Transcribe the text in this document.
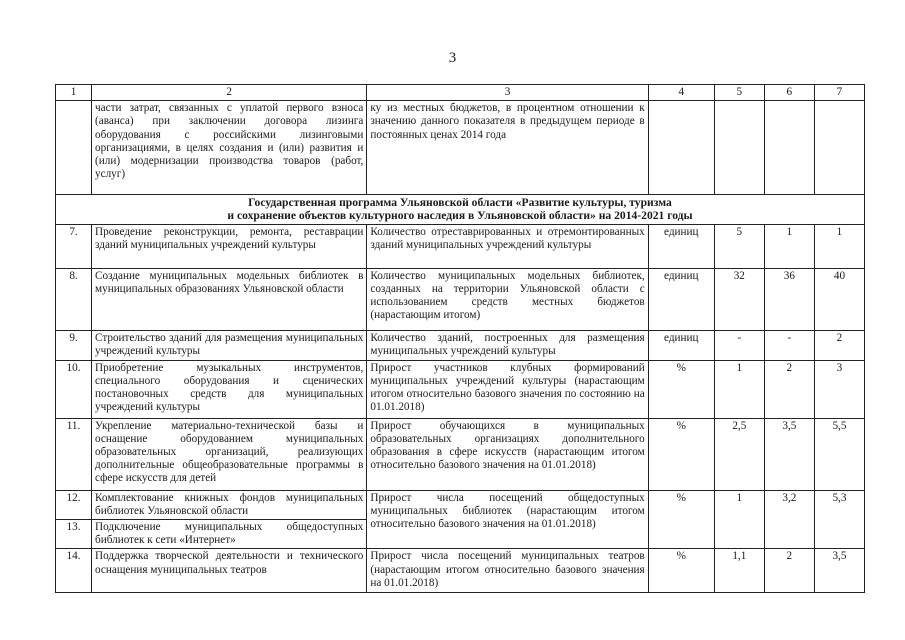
3
1	2	3	4	5	6	7
	части затрат, связанных с уплатой первого взноса (аванса) при заключении договора лизинга оборудования с российскими лизинговыми организациями, в целях создания и (или) развития и (или) модернизации производства товаров (работ, услуг)	ку из местных бюджетов, в процентном отношении к значению данного показателя в предыдущем периоде в постоянных ценах 2014 года				

Государственная программа Ульяновской области «Развитие культуры, туризма
и сохранение объектов культурного наследия в Ульяновской области» на 2014-2021 годы						

7.	Проведение реконструкции, ремонта, реставрации зданий муниципальных учреждений культуры	Количество отреставрированных и отремонтированных зданий муниципальных учреждений культуры	единиц	5	1	1
8.	Создание муниципальных модельных библиотек в муниципальных образованиях Ульяновской области	Количество муниципальных модельных библиотек, созданных на территории Ульяновской области с использованием средств местных бюджетов (нарастающим итогом)	единиц	32	36	40
9.	Строительство зданий для размещения муниципальных учреждений культуры	Количество зданий, построенных для размещения муниципальных учреждений культуры	единиц	-	-	2
10.	Приобретение музыкальных инструментов, специального оборудования и сценических постановочных средств для муниципальных учреждений культуры	Прирост участников клубных формирований муниципальных учреждений культуры (нарастающим итогом относительно базового значения по состоянию на 01.01.2018)	%	1	2	3
11.	Укрепление материально-технической базы и оснащение оборудованием муниципальных образовательных организаций, реализующих дополнительные общеобразовательные программы в сфере искусств для детей	Прирост обучающихся в муниципальных образовательных организациях дополнительного образования в сфере искусств (нарастающим итогом относительно базового значения на 01.01.2018)	%	2,5	3,5	5,5
12.	Комплектование книжных фондов муниципальных библиотек Ульяновской области	Прирост числа посещений общедоступных муниципальных библиотек (нарастающим итогом относительно базового значения на 01.01.2018)	%	1	3,2	5,3
13.	Подключение муниципальных общедоступных библиотек к сети «Интернет»					
14.	Поддержка творческой деятельности и технического оснащения муниципальных театров	Прирост числа посещений муниципальных театров (нарастающим итогом относительно базового значения на 01.01.2018)	%	1,1	2	3,5
